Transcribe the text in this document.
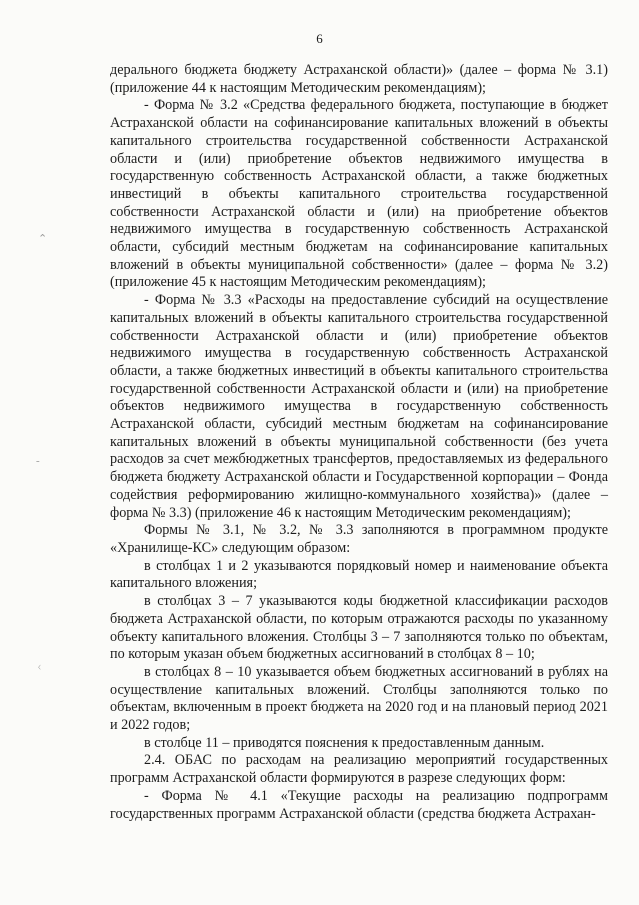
6
⌃
-
ᚲ

дерального бюджета бюджету Астраханской области)» (далее – форма № 3.1) (приложение 44 к настоящим Методическим рекомендациям);

- Форма № 3.2 «Средства федерального бюджета, поступающие в бюджет Астраханской области на софинансирование капитальных вложений в объекты капитального строительства государственной собственности Астраханской области и (или) приобретение объектов недвижимого имущества в государственную собственность Астраханской области, а также бюджетных инвестиций в объекты капитального строительства государственной собственности Астраханской области и (или) на приобретение объектов недвижимого имущества в государственную собственность Астраханской области, субсидий местным бюджетам на софинансирование капитальных вложений в объекты муниципальной собственности» (далее – форма № 3.2) (приложение 45 к настоящим Методическим рекомендациям);

- Форма № 3.3 «Расходы на предоставление субсидий на осуществление капитальных вложений в объекты капитального строительства государственной собственности Астраханской области и (или) приобретение объектов недвижимого имущества в государственную собственность Астраханской области, а также бюджетных инвестиций в объекты капитального строительства государственной собственности Астраханской области и (или) на приобретение объектов недвижимого имущества в государственную собственность Астраханской области, субсидий местным бюджетам на софинансирование капитальных вложений в объекты муниципальной собственности (без учета расходов за счет межбюджетных трансфертов, предоставляемых из федерального бюджета бюджету Астраханской области и Государственной корпорации – Фонда содействия реформированию жилищно-коммунального хозяйства)» (далее – форма № 3.3) (приложение 46 к настоящим Методическим рекомендациям);

Формы № 3.1, № 3.2, № 3.3 заполняются в программном продукте «Хранилище-КС» следующим образом:

в столбцах 1 и 2 указываются порядковый номер и наименование объекта капитального вложения;

в столбцах 3 – 7 указываются коды бюджетной классификации расходов бюджета Астраханской области, по которым отражаются расходы по указанному объекту капитального вложения. Столбцы 3 – 7 заполняются только по объектам, по которым указан объем бюджетных ассигнований в столбцах 8 – 10;

в столбцах 8 – 10 указывается объем бюджетных ассигнований в рублях на осуществление капитальных вложений. Столбцы заполняются только по объектам, включенным в проект бюджета на 2020 год и на плановый период 2021 и 2022 годов;

в столбце 11 – приводятся пояснения к предоставленным данным.

2.4. ОБАС по расходам на реализацию мероприятий государственных программ Астраханской области формируются в разрезе следующих форм:

- Форма № 4.1 «Текущие расходы на реализацию подпрограмм государственных программ Астраханской области (средства бюджета Астрахан-
